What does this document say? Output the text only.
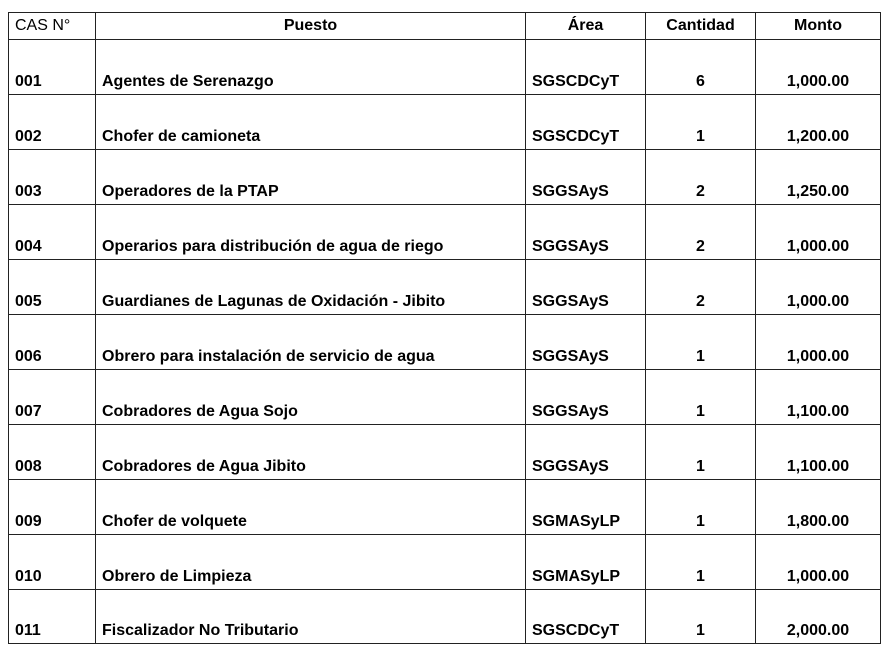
CAS N°	Puesto	Área	Cantidad	Monto
001	Agentes de Serenazgo	SGSCDCyT	6	1,000.00
002	Chofer de camioneta	SGSCDCyT	1	1,200.00
003	Operadores de la PTAP	SGGSAyS	2	1,250.00
004	Operarios para distribución de agua de riego	SGGSAyS	2	1,000.00
005	Guardianes de Lagunas de Oxidación - Jibito	SGGSAyS	2	1,000.00
006	Obrero para instalación de servicio de agua	SGGSAyS	1	1,000.00
007	Cobradores de Agua Sojo	SGGSAyS	1	1,100.00
008	Cobradores de Agua Jibito	SGGSAyS	1	1,100.00
009	Chofer de volquete	SGMASyLP	1	1,800.00
010	Obrero de Limpieza	SGMASyLP	1	1,000.00
011	Fiscalizador No Tributario	SGSCDCyT	1	2,000.00
